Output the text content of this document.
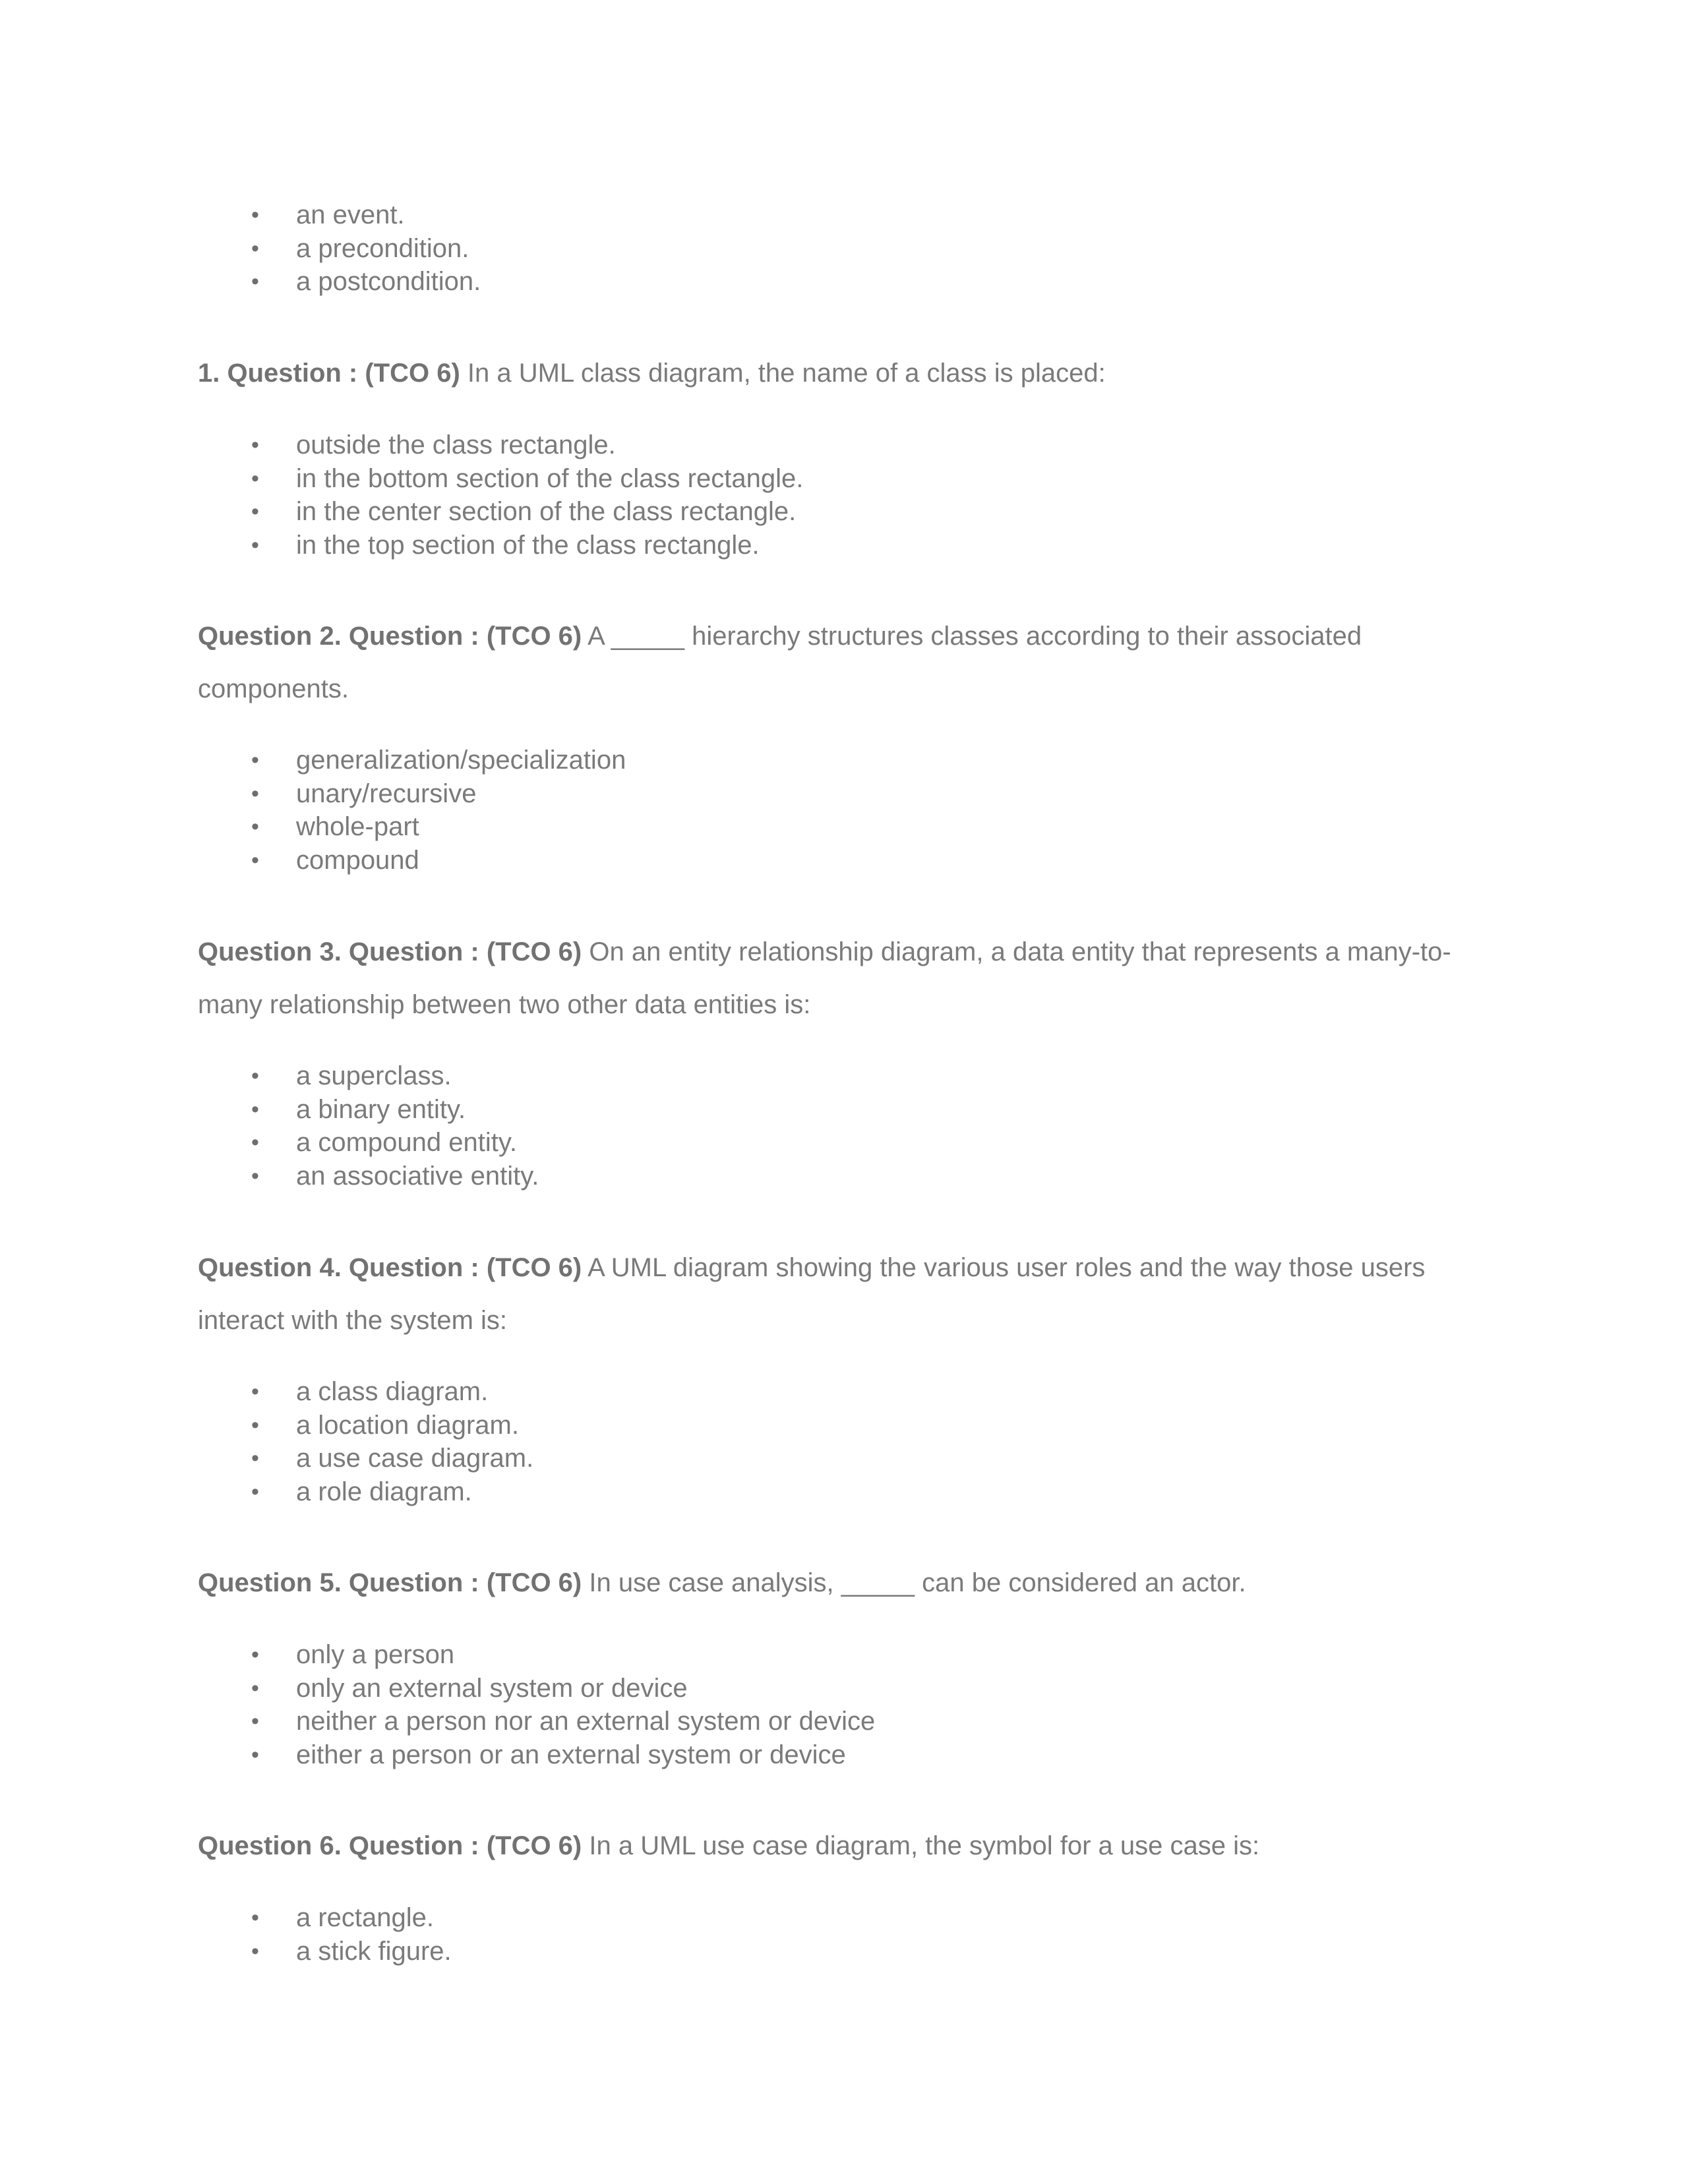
• an event.
• a precondition.
• a postcondition.
1. Question : (TCO 6) In a UML class diagram, the name of a class is placed:
• outside the class rectangle.
• in the bottom section of the class rectangle.
• in the center section of the class rectangle.
• in the top section of the class rectangle.
Question 2. Question : (TCO 6) A _____ hierarchy structures classes according to their associated components.
• generalization/specialization
• unary/recursive
• whole-part
• compound
Question 3. Question : (TCO 6) On an entity relationship diagram, a data entity that represents a many-to-many relationship between two other data entities is:
• a superclass.
• a binary entity.
• a compound entity.
• an associative entity.
Question 4. Question : (TCO 6) A UML diagram showing the various user roles and the way those users interact with the system is:
• a class diagram.
• a location diagram.
• a use case diagram.
• a role diagram.
Question 5. Question : (TCO 6) In use case analysis, _____ can be considered an actor.
• only a person
• only an external system or device
• neither a person nor an external system or device
• either a person or an external system or device
Question 6. Question : (TCO 6) In a UML use case diagram, the symbol for a use case is:
• a rectangle.
• a stick figure.
